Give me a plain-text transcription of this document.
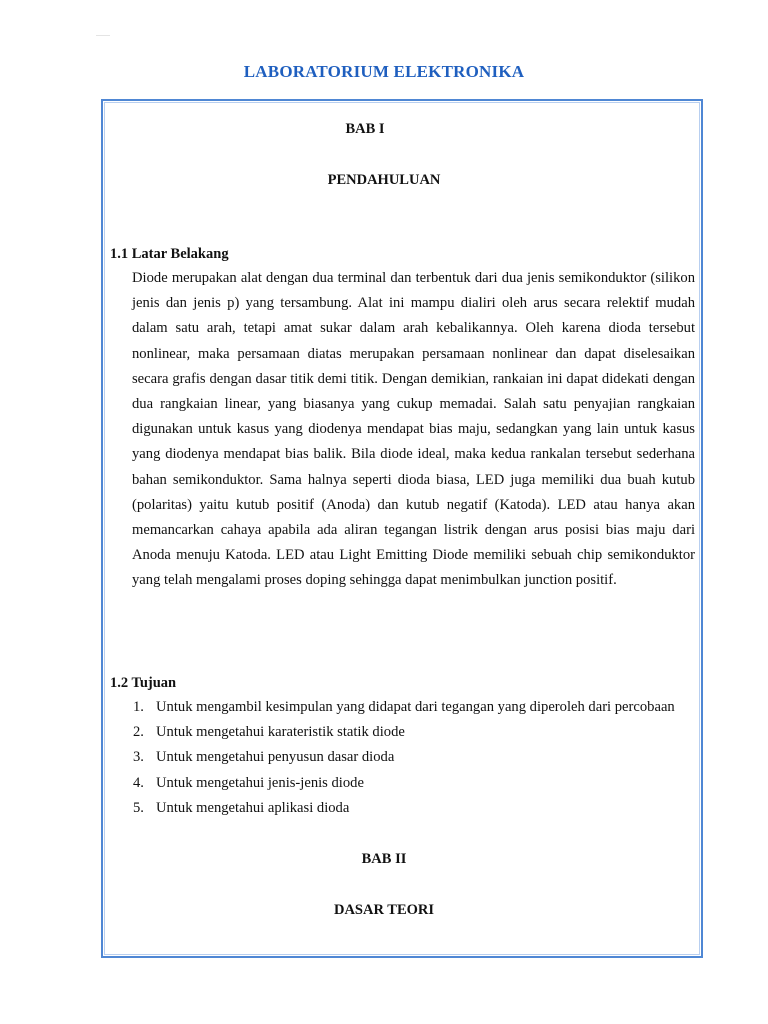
LABORATORIUM ELEKTRONIKA
BAB I
PENDAHULUAN
1.1 Latar Belakang
Diode merupakan alat dengan dua terminal dan terbentuk dari dua jenis semikonduktor (silikon jenis dan jenis p) yang tersambung. Alat ini mampu dialiri oleh arus secara relektif mudah dalam satu arah, tetapi amat sukar dalam arah kebalikannya. Oleh karena dioda tersebut nonlinear, maka persamaan diatas merupakan persamaan nonlinear dan dapat diselesaikan secara grafis dengan dasar titik demi titik. Dengan demikian, rankaian ini dapat didekati dengan dua rangkaian linear, yang biasanya yang cukup memadai. Salah satu penyajian rangkaian digunakan untuk kasus yang diodenya mendapat bias maju, sedangkan yang lain untuk kasus yang diodenya mendapat bias balik. Bila diode ideal, maka kedua rankalan tersebut sederhana bahan semikonduktor. Sama halnya seperti dioda biasa, LED juga memiliki dua buah kutub (polaritas) yaitu kutub positif (Anoda) dan kutub negatif (Katoda). LED atau hanya akan memancarkan cahaya apabila ada aliran tegangan listrik dengan arus posisi bias maju dari Anoda menuju Katoda. LED atau Light Emitting Diode memiliki sebuah chip semikonduktor yang telah mengalami proses doping sehingga dapat menimbulkan junction positif.
1.2 Tujuan
1. Untuk mengambil kesimpulan yang didapat dari tegangan yang diperoleh dari percobaan
2. Untuk mengetahui karateristik statik diode
3. Untuk mengetahui penyusun dasar dioda
4. Untuk mengetahui jenis-jenis diode
5. Untuk mengetahui aplikasi dioda
BAB II
DASAR TEORI
